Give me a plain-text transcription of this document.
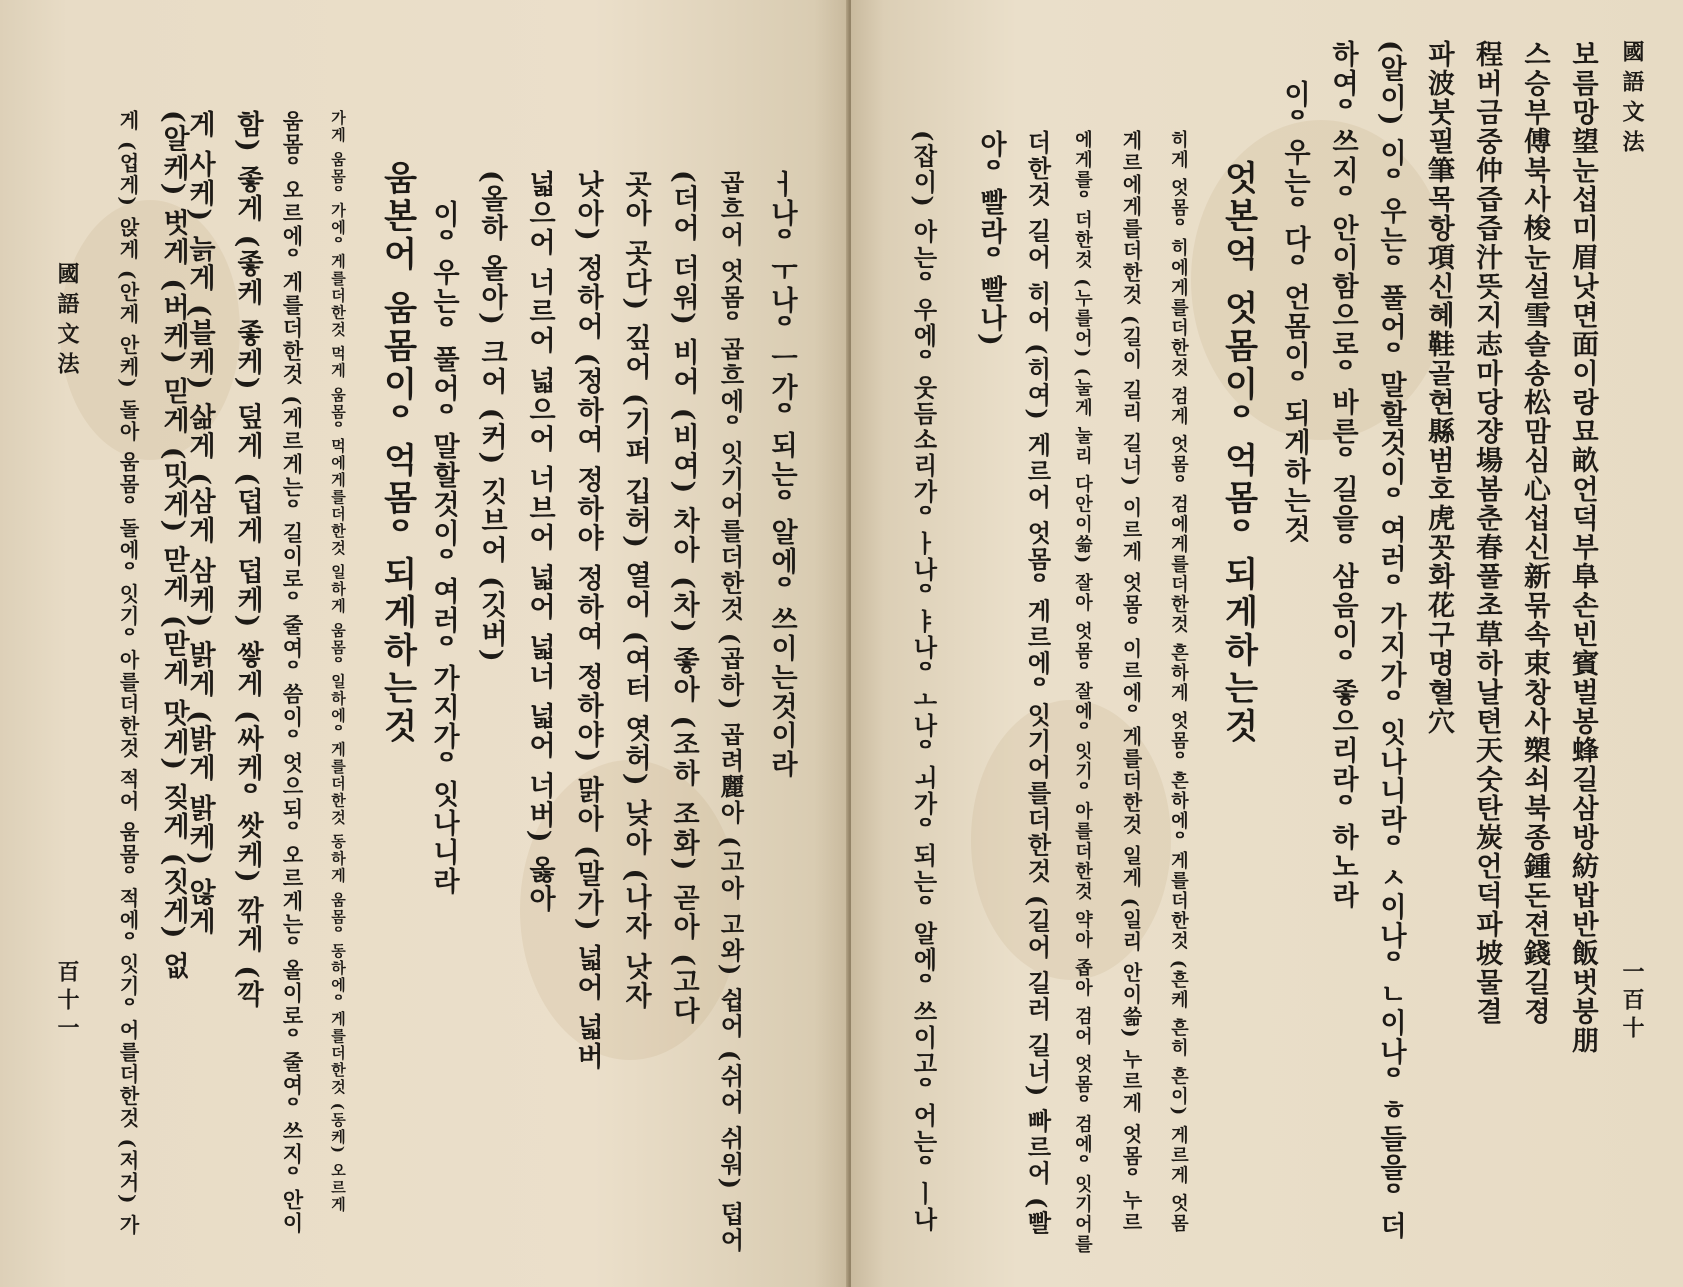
國語文法
百十一
ㅓ나ᄋㅜ나ᄋㅡ가ᄋ되는ᄋ알에ᄋ쓰이는것이라
곱흐어 엇몸ᄋ곱흐에ᄋ잇기어를더한것 (곱하) 곱려麗아 (고아 고와) 쉽어 (쉬어 쉬워) 덥어
(더어 더워) 비어 (비여) 차아 (차) 좋아 (조하 조화) 곧아 (고다
곳아 곳다) 깊어 (기퍼 깁허) 열어 (여터 엿허) 낮아 (나자 낫자
낫아) 정하어 (정하여 정하야 정하여 정하야) 맑아 (말가) 넓어 넓버
넓으어 너르어 넓으어 너브어 넓어 넓너 넓어 너버) 옳아
(올하 올아) 크어 (커) 깃브어 (깃버)
이ᄋ우는ᄋ풀어ᄋ말할것이ᄋ여러ᄋ가지가ᄋ잇나니라
움본어 움몸이ᄋ억몸ᄋ되게하는것
가게 움몸ᄋ가에ᄋ게를더한것 먹게 움몸ᄋ먹에게를더한것 일하게 움몸ᄋ일하에ᄋ게를더한것 동하게 움몸ᄋ동하에ᄋ게를더한것 (동케) 오르게
움몸ᄋ오르에ᄋ게를더한것 (게르게는ᄋ길이로ᄋ줄여ᄋ씀이ᄋ엇으되ᄋ오르게는ᄋ올이로ᄋ줄여ᄋ쓰지ᄋ안이
함) 좋게 (좋케 좋케) 덮게 (덥게 덥케) 쌓게 (싸케ᄋ쌋케) 깎게 (깍
게 사케) 늙게 (블케) 삶게 (삼게 삼케) 밝게 (밝게 밝케) 않게
(알케) 벗게 (버케) 믿게 (밋게) 맏게 (맏게 맛게) 짖게 (짓게) 없
게 (업게) 앉게 (안게 안케) 돌아 움몸ᄋ돌에ᄋ잇기ᄋ아를더한것 적어 움몸ᄋ적에ᄋ잇기ᄋ어를더한것 (저거) 가
國語文法
一百十
보름망望눈섭미眉낫면面이랑묘畝언덕부阜손빈賓벌봉蜂길삼방紡밥반飯벗붕朋
스승부傅북사梭눈설雪솔송松맘심心섭신新묶속束창사槊쇠북종鍾돈젼錢길졍
程버금중仲즙즙汁뜻지志마당쟝場봄춘春풀초草하날텬天숫탄炭언덕파坡물결
파波붓필筆목항項신혜鞋골현縣범호虎꼿화花구명혈穴
(알이) 이ᄋ우는ᄋ풀어ᄋ말할것이ᄋ여러ᄋ가지가ᄋ잇나니라ᄋㅅ이나ᄋㄴ이나ᄋㅎ들을ᄋ더
하여ᄋ쓰지ᄋ안이함으로ᄋ바른ᄋ길을ᄋ삼음이ᄋ좋으리라ᄋ하노라
이ᄋ우는ᄋ다ᄋ언몸이ᄋ되게하는것
엇본억 엇몸이ᄋ억몸ᄋ되게하는것
히게 엇몸ᄋ히에게를더한것 검게 엇몸ᄋ검에게를더한것 흔하게 엇몸ᄋ흔하에ᄋ게를더한것 (흔케 흔히 흔이) 게르게 엇몸
게르에게를더한것 (길이 길리 길너) 이르게 엇몸ᄋ이르에ᄋ게를더한것 일게 (일리 안이쓺) 누르게 엇몸ᄋ누르
에게를ᄋ더한것 (누를어) (눌게 눌리 다안이쓺) 잘아 엇몸ᄋ잘에ᄋ잇기ᄋ아를더한것 약아 좁아 검어 엇몸ᄋ검에ᄋ잇기어를
더한것 길어 히어 (히여) 게르어 엇몸ᄋ게르에ᄋ잇기어를더한것 (길어 길러 길너) 빠르어 (빨
아ᄋ빨라ᄋ빨나)
(잡이) 아는ᄋ우에ᄋ웃듬소리가ᄋㅏ나ᄋㅑ나ᄋㅗ나ᄋㅚ가ᄋ되는ᄋ알에ᄋ쓰이고ᄋ어는ᄋㅣ나
